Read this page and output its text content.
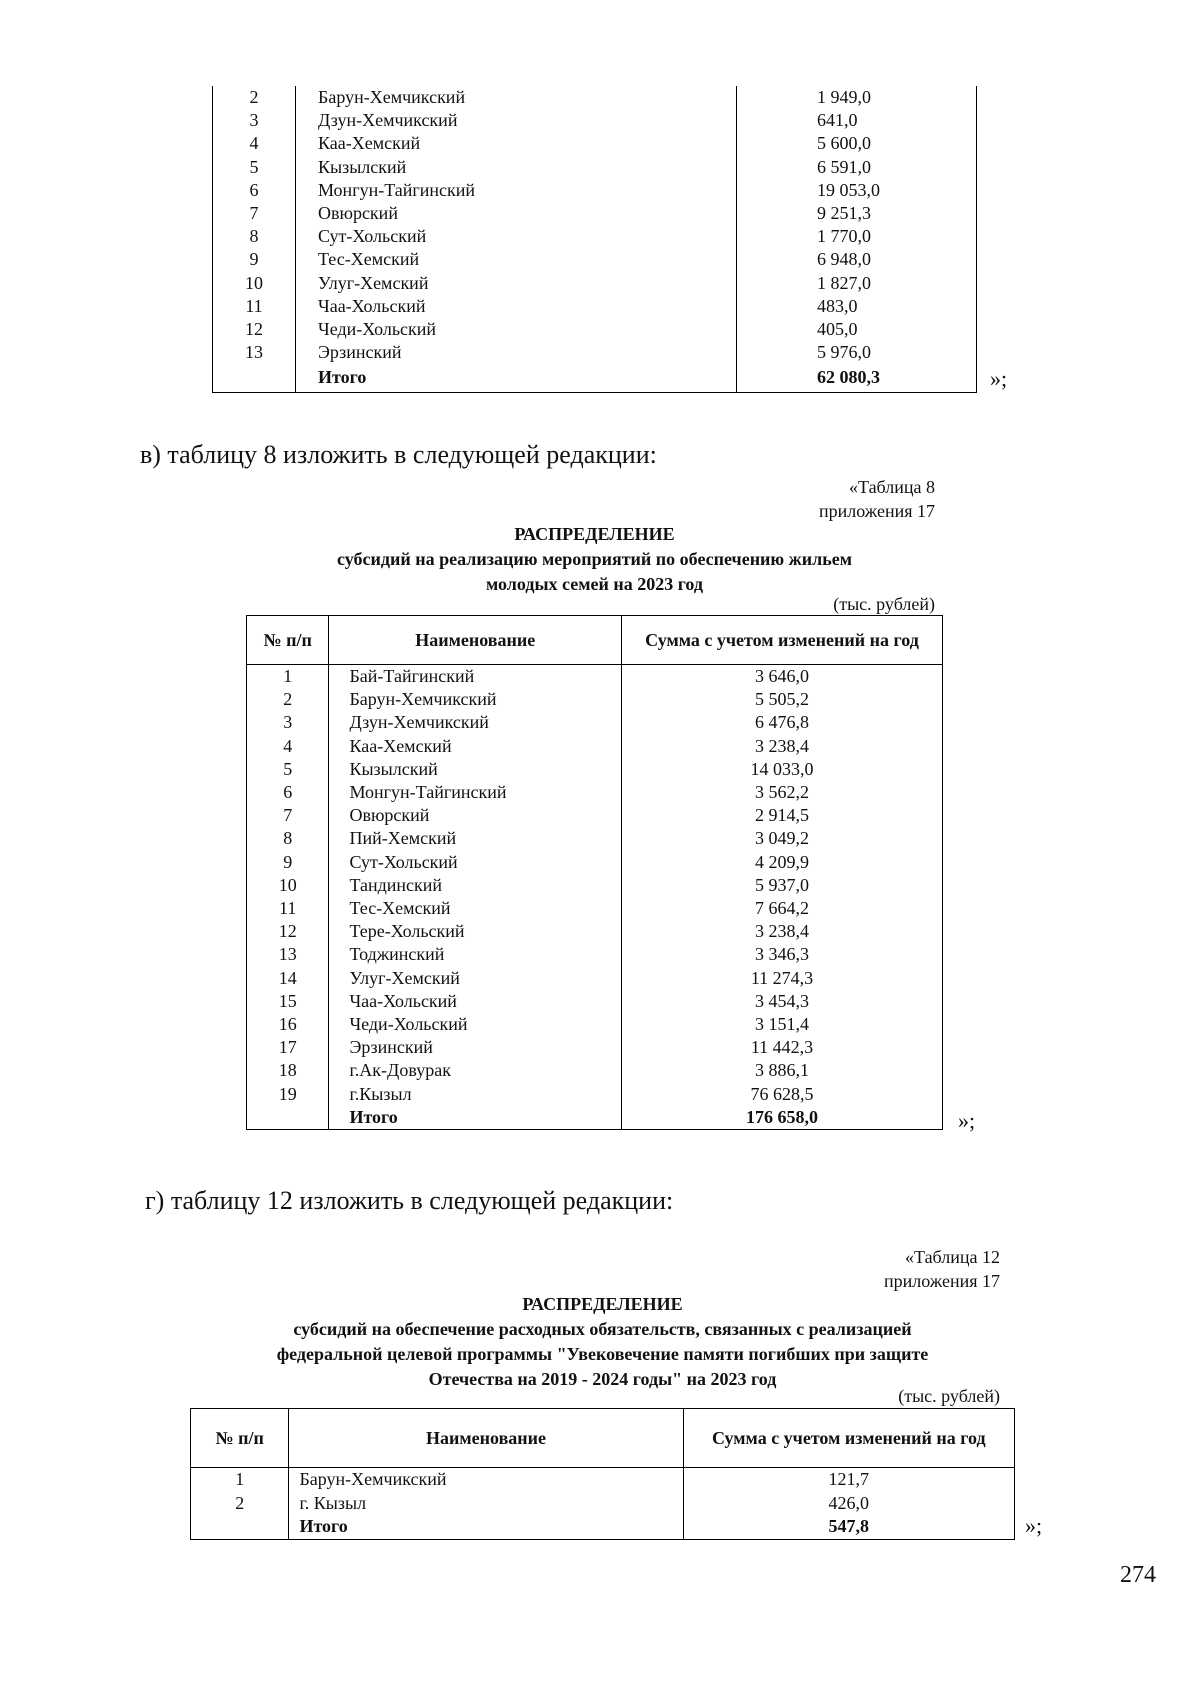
2	Барун-Хемчикский	1 949,0
3	Дзун-Хемчикский	641,0
4	Каа-Хемский	5 600,0
5	Кызылский	6 591,0
6	Монгун-Тайгинский	19 053,0
7	Овюрский	9 251,3
8	Сут-Хольский	1 770,0
9	Тес-Хемский	6 948,0
10	Улуг-Хемский	1 827,0
11	Чаа-Хольский	483,0
12	Чеди-Хольский	405,0
13	Эрзинский	5 976,0
	Итого	62 080,3	»;
в) таблицу 8 изложить в следующей редакции:
«Таблица 8
приложения 17
РАСПРЕДЕЛЕНИЕ
субсидий на реализацию мероприятий по обеспечению жильем
молодых семей на 2023 год
(тыс. рублей)
№ п/п	Наименование	Сумма с учетом изменений на год
1	Бай-Тайгинский	3 646,0
2	Барун-Хемчикский	5 505,2
3	Дзун-Хемчикский	6 476,8
4	Каа-Хемский	3 238,4
5	Кызылский	14 033,0
6	Монгун-Тайгинский	3 562,2
7	Овюрский	2 914,5
8	Пий-Хемский	3 049,2
9	Сут-Хольский	4 209,9
10	Тандинский	5 937,0
11	Тес-Хемский	7 664,2
12	Тере-Хольский	3 238,4
13	Тоджинский	3 346,3
14	Улуг-Хемский	11 274,3
15	Чаа-Хольский	3 454,3
16	Чеди-Хольский	3 151,4
17	Эрзинский	11 442,3
18	г.Ак-Довурак	3 886,1
19	г.Кызыл	76 628,5
	Итого	176 658,0	»;
г) таблицу 12 изложить в следующей редакции:
«Таблица 12
приложения 17
РАСПРЕДЕЛЕНИЕ
субсидий на обеспечение расходных обязательств, связанных с реализацией
федеральной целевой программы "Увековечение памяти погибших при защите
Отечества на 2019 - 2024 годы" на 2023 год
(тыс. рублей)
№ п/п	Наименование	Сумма с учетом изменений на год
1	Барун-Хемчикский	121,7
2	г. Кызыл	426,0
	Итого	547,8	»;
274
